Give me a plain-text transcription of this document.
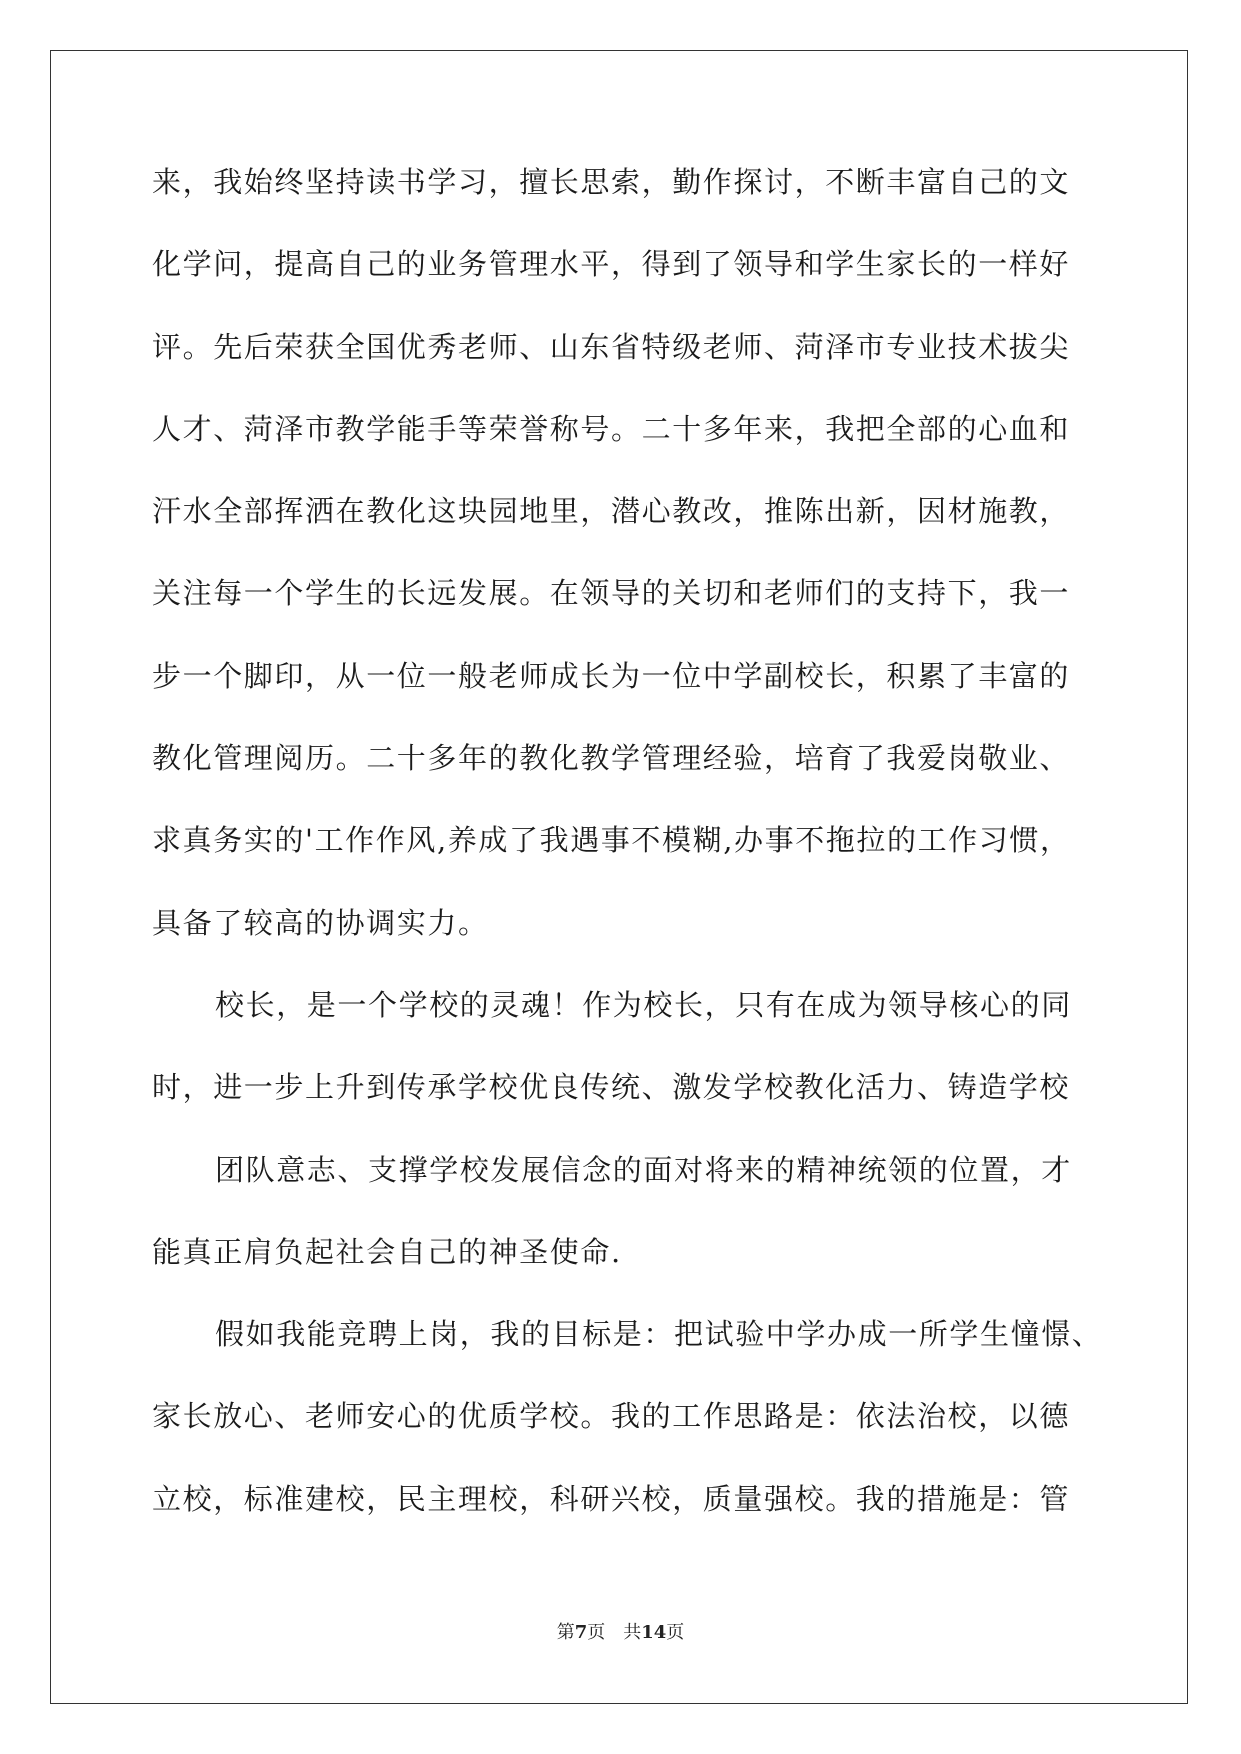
来，我始终坚持读书学习，擅长思索，勤作探讨，不断丰富自己的文
化学问，提高自己的业务管理水平，得到了领导和学生家长的一样好
评。先后荣获全国优秀老师、山东省特级老师、菏泽市专业技术拔尖
人才、菏泽市教学能手等荣誉称号。二十多年来，我把全部的心血和
汗水全部挥洒在教化这块园地里，潜心教改，推陈出新，因材施教，
关注每一个学生的长远发展。在领导的关切和老师们的支持下，我一
步一个脚印，从一位一般老师成长为一位中学副校长，积累了丰富的
教化管理阅历。二十多年的教化教学管理经验，培育了我爱岗敬业、
求真务实的'工作作风,养成了我遇事不模糊,办事不拖拉的工作习惯，
具备了较高的协调实力。
校长，是一个学校的灵魂！作为校长，只有在成为领导核心的同
时，进一步上升到传承学校优良传统、激发学校教化活力、铸造学校
团队意志、支撑学校发展信念的面对将来的精神统领的位置，才
能真正肩负起社会自己的神圣使命.
假如我能竞聘上岗，我的目标是：把试验中学办成一所学生憧憬、
家长放心、老师安心的优质学校。我的工作思路是：依法治校，以德
立校，标准建校，民主理校，科研兴校，质量强校。我的措施是：管
第7页 共14页
